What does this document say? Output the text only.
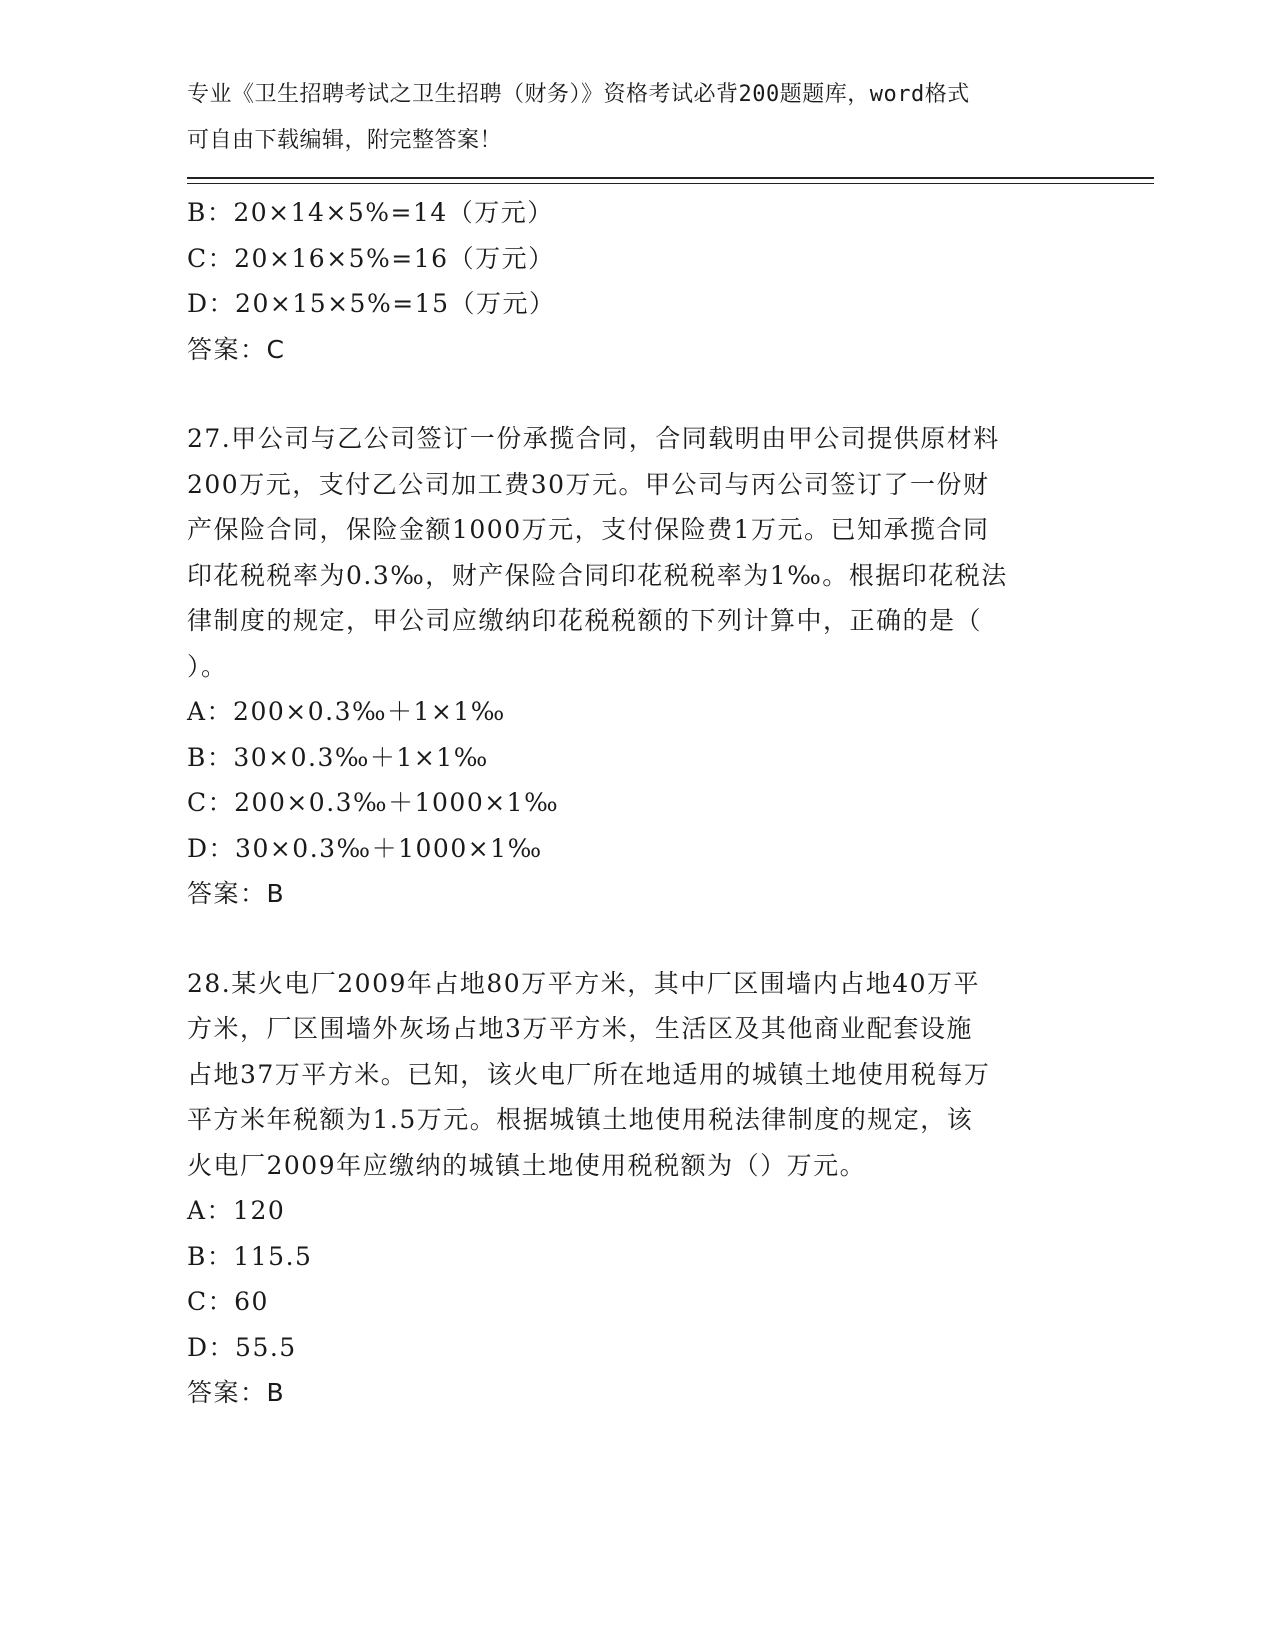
专业《卫生招聘考试之卫生招聘（财务）》资格考试必背200题题库，word格式
可自由下载编辑，附完整答案！
B：20×14×5%=14（万元）
C：20×16×5%=16（万元）
D：20×15×5%=15（万元）
答案：C
27.甲公司与乙公司签订一份承揽合同，合同载明由甲公司提供原材料
200万元，支付乙公司加工费30万元。甲公司与丙公司签订了一份财
产保险合同，保险金额1000万元，支付保险费1万元。已知承揽合同
印花税税率为0.3‰，财产保险合同印花税税率为1‰。根据印花税法
律制度的规定，甲公司应缴纳印花税税额的下列计算中，正确的是（
）。
A：200×0.3‰＋1×1‰
B：30×0.3‰＋1×1‰
C：200×0.3‰＋1000×1‰
D：30×0.3‰＋1000×1‰
答案：B
28.某火电厂2009年占地80万平方米，其中厂区围墙内占地40万平
方米，厂区围墙外灰场占地3万平方米，生活区及其他商业配套设施
占地37万平方米。已知，该火电厂所在地适用的城镇土地使用税每万
平方米年税额为1.5万元。根据城镇土地使用税法律制度的规定，该
火电厂2009年应缴纳的城镇土地使用税税额为（）万元。
A：120
B：115.5
C：60
D：55.5
答案：B
